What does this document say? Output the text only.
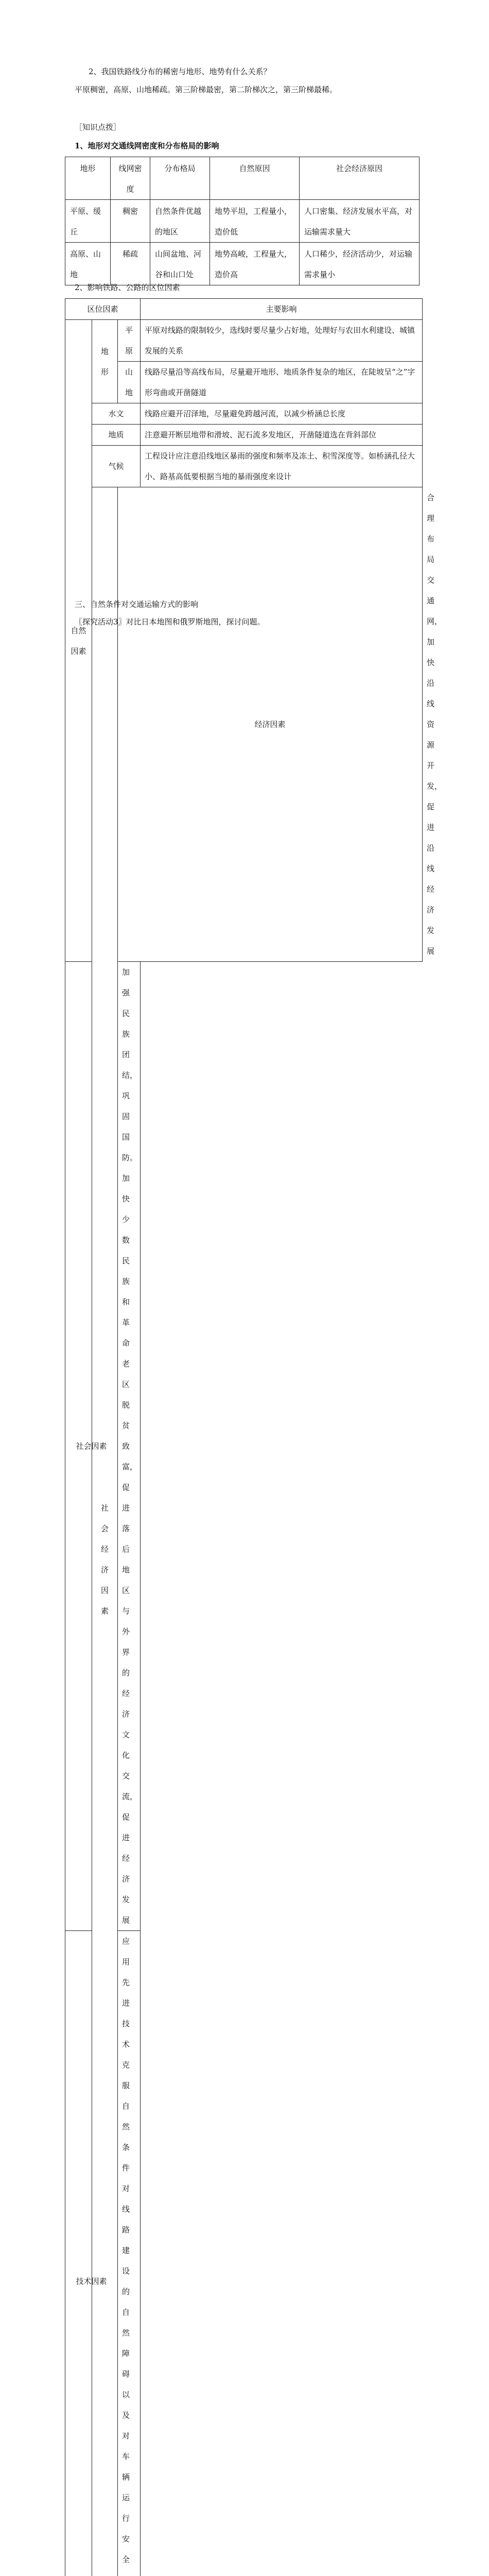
2、我国铁路线分布的稀密与地形、地势有什么关系？
平原稠密，高原、山地稀疏。第三阶梯最密，第二阶梯次之，第三阶梯最稀。
［知识点拨］
1、地形对交通线网密度和分布格局的影响
地形	线网密度	分布格局	自然原因	社会经济原因
平原、缓丘	稠密	自然条件优越的地区	地势平坦，工程量小，造价低	人口密集、经济发展水平高，对运输需求量大
高原、山地	稀疏	山间盆地、河谷和山口处	地势高峻，工程量大，造价高	人口稀少，经济活动少，对运输需求量小
2、影响铁路、公路的区位因素
区位因素			主要影响	
自然因素	地形	平原	平原对线路的限制较少，选线时要尽量少占好地，处理好与农田水利建设、城镇发展的关系	
		山地	线路尽量沿等高线布局，尽量避开地形、地质条件复杂的地区，在陡坡呈“之”字形弯曲或开凿隧道	
	水文		线路应避开沼泽地，尽量避免跨越河流，以减少桥涵总长度	
	地质		注意避开断层地带和滑坡、泥石流多发地区，开凿隧道选在背斜部位	
	气候		工程设计应注意沿线地区暴雨的强度和频率及冻土、积雪深度等。如桥涵孔径大小、路基高低要根据当地的暴雨强度来设计	
	社会经济因素	经济因素		合理布局交通网，加快沿线资源开发，促进沿线经济发展
社会因素		加强民族团结，巩固国防。加快少数民族和革命老区脱贫致富，促进落后地区与外界的经济文化交流，促进经济发展		
技术因素		应用先进技术克服自然条件对线路建设的自然障碍以及对车辆运行安全		
三、自然条件对交通运输方式的影响
〖探究活动3〗对比日本地图和俄罗斯地图，探讨问题。
